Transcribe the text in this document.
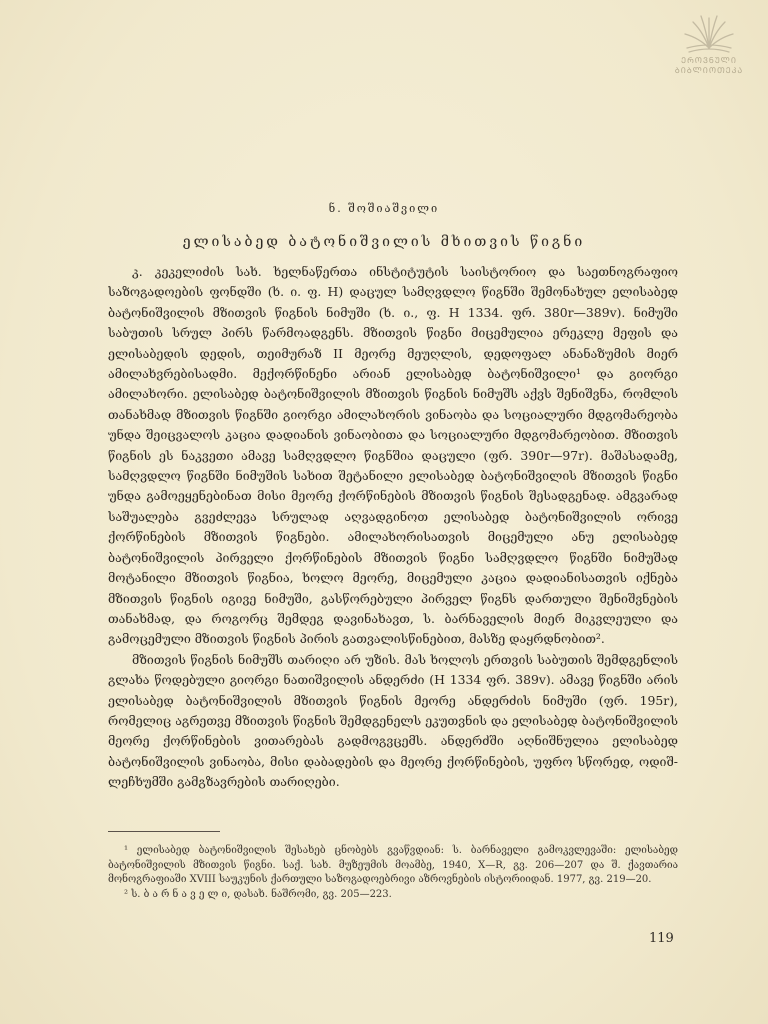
ᲔᲠᲝᲕᲜᲣᲚᲘ
ᲑᲘᲑᲚᲘᲝᲗᲔᲙᲐ
ნ. შოშიაშვილი
ელისაბედ ბატონიშვილის მხითვის წიგნი

კ. კეკელიძის სახ. ხელნაწერთა ინსტიტუტის საისტორიო და საეთნოგრაფიო საზოგადოების ფონდში (ხ. ი. ფ. H) დაცულ სამღვდლო წიგნში შემონახულ ელისაბედ ბატონიშვილის მზითვის წიგნის ნიმუში (ხ. ი., ფ. H 1334. ფრ. 380r—389v). ნიმუში საბუთის სრულ პირს წარმოადგენს. მზითვის წიგნი მიცემულია ერეკლე მეფის და ელისაბედის დედის, თეიმურაზ II მეორე მეუღლის, დედოფალ ანანაზუმის მიერ ამილახვრებისადმი. მექორწინენი არიან ელისაბედ ბატონიშვილი¹ და გიორგი ამილახორი. ელისაბედ ბატონიშვილის მზითვის წიგნის ნიმუშს აქვს შენიშვნა, რომლის თანახმად მზითვის წიგნში გიორგი ამილახორის ვინაობა და სოციალური მდგომარეობა უნდა შეიცვალოს კაცია დადიანის ვინაობითა და სოციალური მდგომარეობით. მზითვის წიგნის ეს ნაკვეთი ამავე სამღვდლო წიგნშია დაცული (ფრ. 390r—97r). მაშასადამე, სამღვდლო წიგნში ნიმუშის სახით შეტანილი ელისაბედ ბატონიშვილის მზითვის წიგნი უნდა გამოეყენებინათ მისი მეორე ქორწინების მზითვის წიგნის შესადგენად. ამგვარად საშუალება გვეძლევა სრულად აღვადგინოთ ელისაბედ ბატონიშვილის ორივე ქორწინების მზითვის წიგნები. ამილახორისათვის მიცემული ანუ ელისაბედ ბატონიშვილის პირველი ქორწინების მზითვის წიგნი სამღვდლო წიგნში ნიმუშად მოტანილი მზითვის წიგნია, ხოლო მეორე, მიცემული კაცია დადიანისათვის იქნება მზითვის წიგნის იგივე ნიმუში, გასწორებული პირველ წიგნს დართული შენიშვნების თანახმად, და როგორც შემდეგ დავინახავთ, ს. ბარნაველის მიერ მიკვლეული და გამოცემული მზითვის წიგნის პირის გათვალისწინებით, მასზე დაყრდნობით².

მზითვის წიგნის ნიმუშს თარიღი არ უზის. მას ხოლოს ერთვის საბუთის შემდგენლის გლახა წოდებული გიორგი ნათიშვილის ანდერძი (H 1334 ფრ. 389v). ამავე წიგნში არის ელისაბედ ბატონიშვილის მზითვის წიგნის მეორე ანდერძის ნიმუში (ფრ. 195r), რომელიც აგრეთვე მზითვის წიგნის შემდგენელს ეკუთვნის და ელისაბედ ბატონიშვილის მეორე ქორწინების ვითარებას გადმოგვცემს. ანდერძში აღნიშნულია ელისაბედ ბატონიშვილის ვინაობა, მისი დაბადების და მეორე ქორწინების, უფრო სწორედ, ოდიშ-ლეჩხუმში გამგზავრების თარიღები.

¹ ელისაბედ ბატონიშვილის შესახებ ცნობებს გვაწვდიან: ს. ბარნაველი გამოკვლევაში: ელისაბედ ბატონიშვილის მზითვის წიგნი. საქ. სახ. მუზეუმის მოამბე, 1940, X—R, გვ. 206—207 და შ. ქავთარია მონოგრაფიაში XVIII საუკუნის ქართული საზოგადოებრივი აზროვნების ისტორიიდან. 1977, გვ. 219—20.

² ს. ბ ა რ ნ ა ვ ე ლ ი, დასახ. ნაშრომი, გვ. 205—223.

119
